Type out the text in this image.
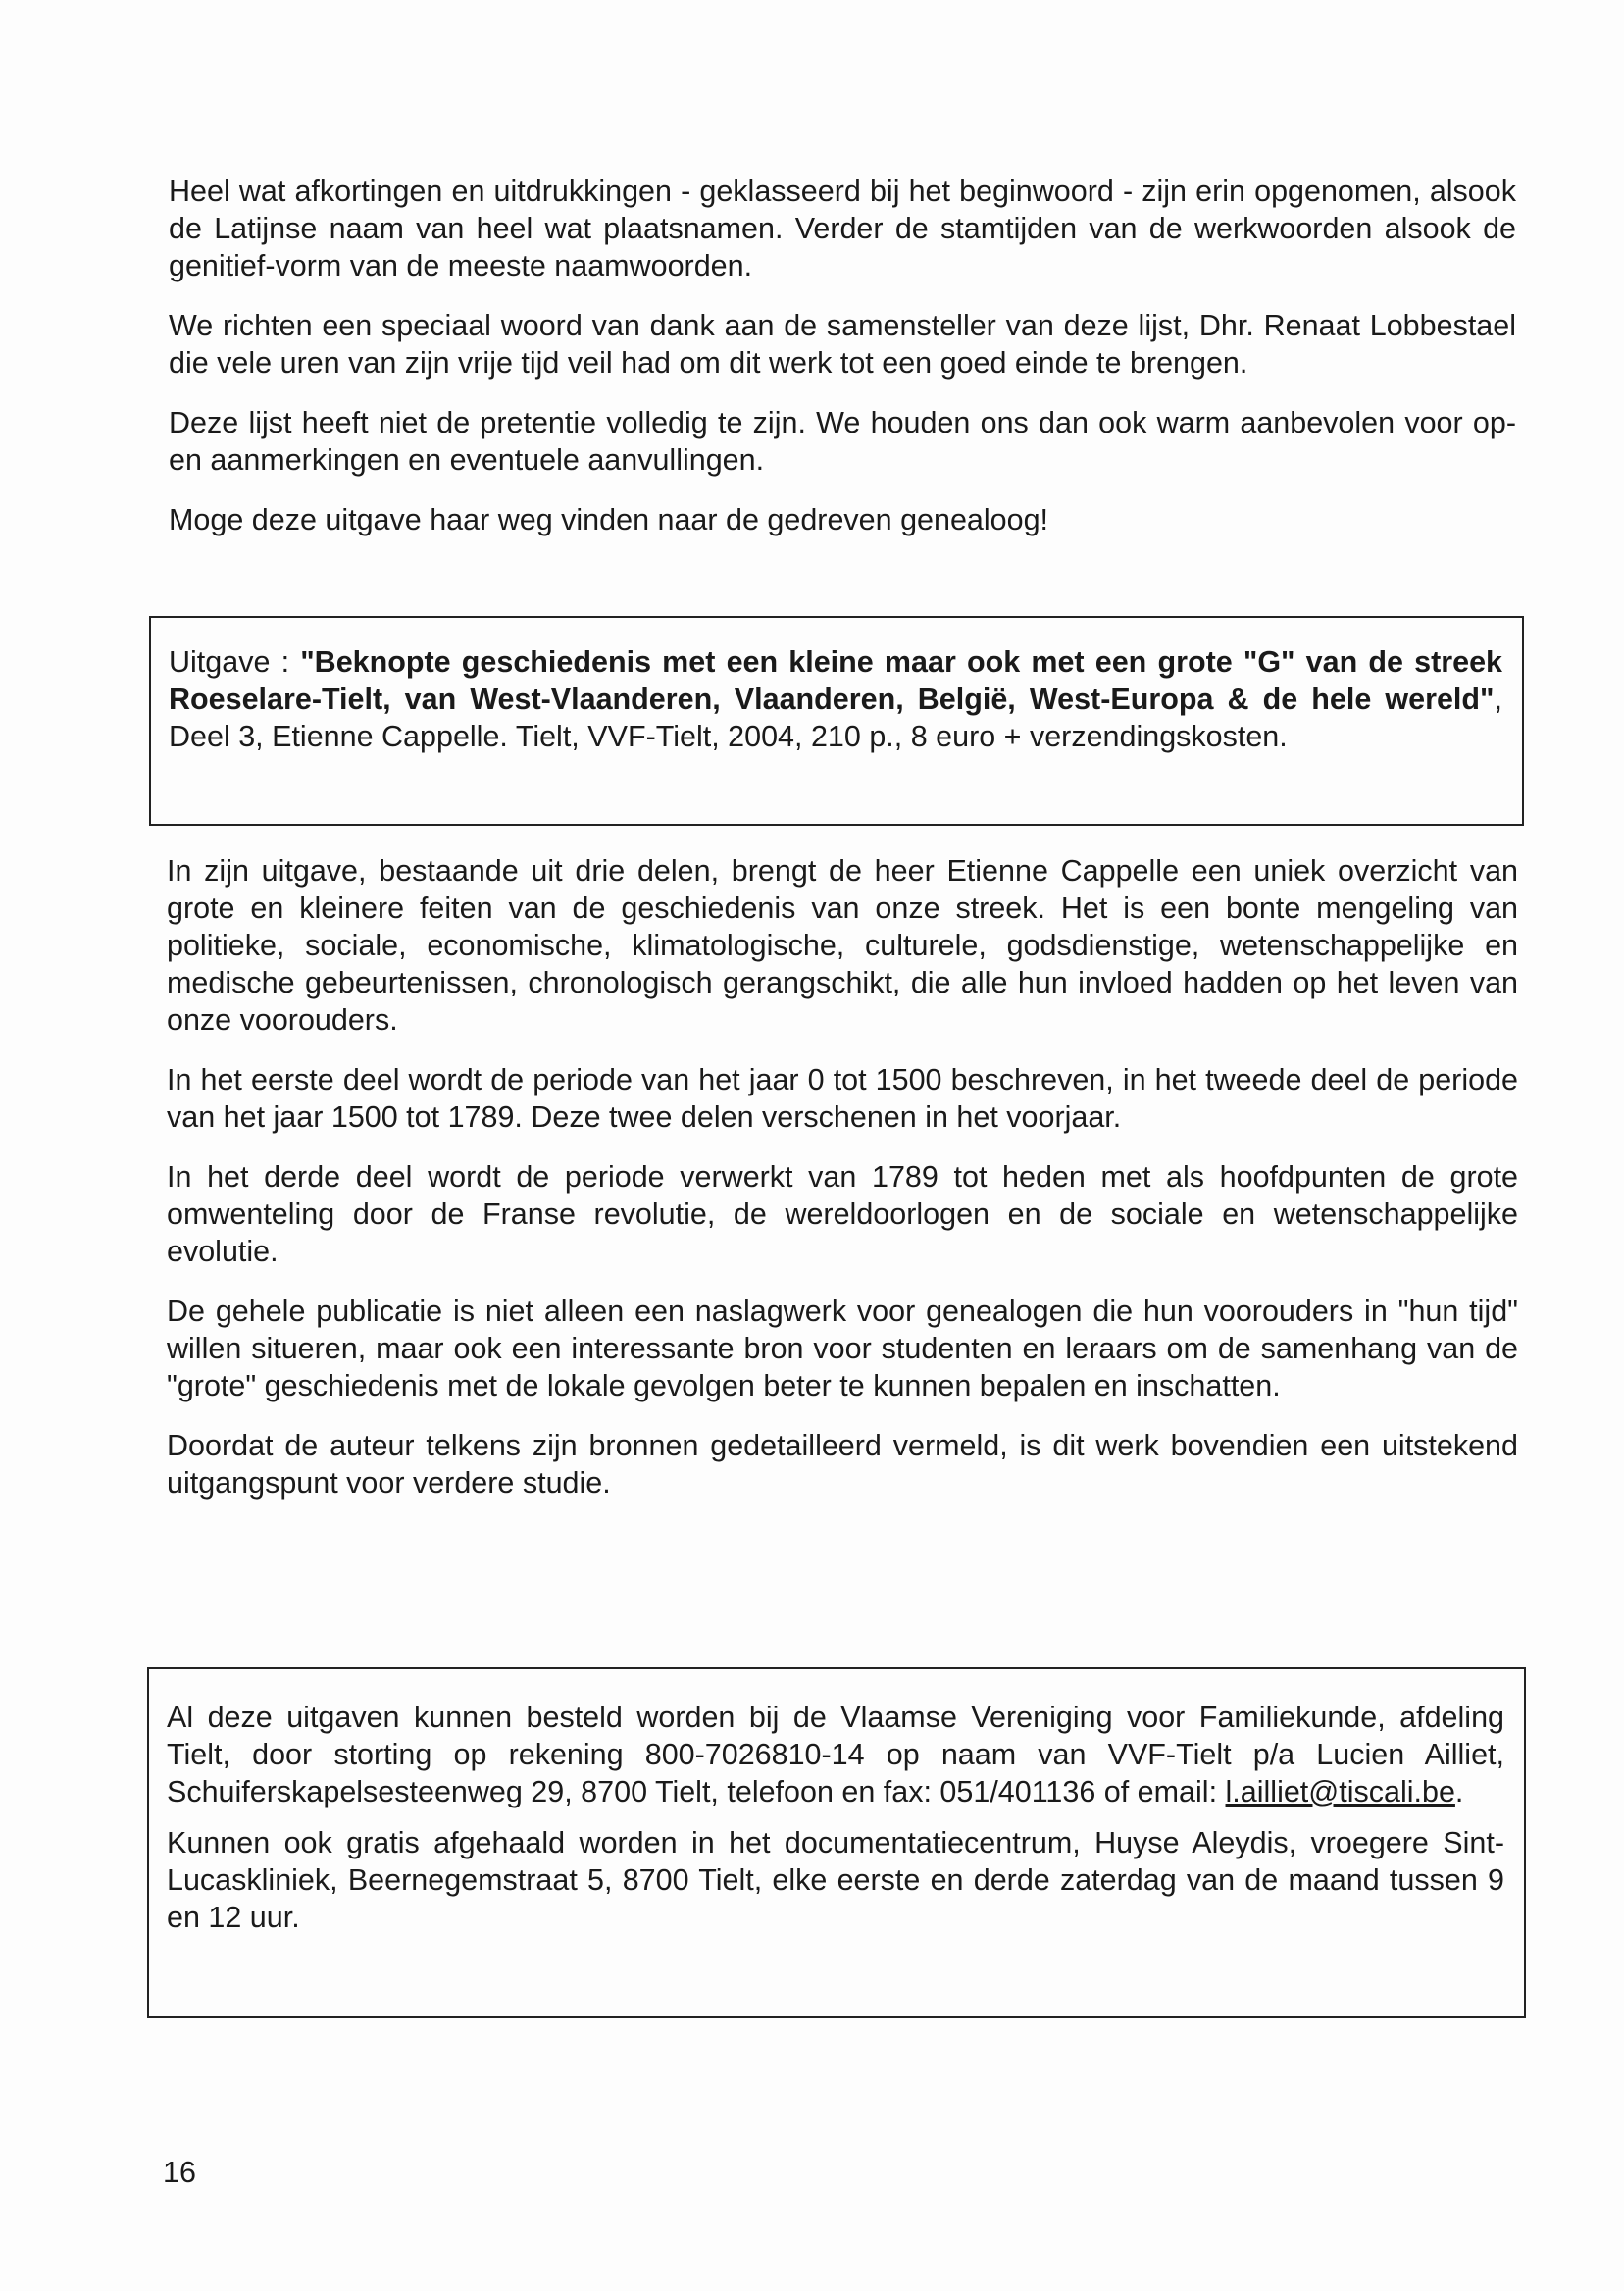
Heel wat afkortingen en uitdrukkingen - geklasseerd bij het beginwoord - zijn erin opgenomen, alsook de Latijnse naam van heel wat plaatsnamen. Verder de stamtijden van de werkwoorden alsook de genitief-vorm van de meeste naamwoorden.

We richten een speciaal woord van dank aan de samensteller van deze lijst, Dhr. Renaat Lobbestael die vele uren van zijn vrije tijd veil had om dit werk tot een goed einde te brengen.

Deze lijst heeft niet de pretentie volledig te zijn. We houden ons dan ook warm aanbevolen voor op- en aanmerkingen en eventuele aanvullingen.

Moge deze uitgave haar weg vinden naar de gedreven genealoog!

Uitgave : "Beknopte geschiedenis met een kleine maar ook met een grote "G" van de streek Roeselare-Tielt, van West-Vlaanderen, Vlaanderen, België, West-Europa & de hele wereld", Deel 3, Etienne Cappelle. Tielt, VVF-Tielt, 2004, 210 p., 8 euro + verzendingskosten.

In zijn uitgave, bestaande uit drie delen, brengt de heer Etienne Cappelle een uniek overzicht van grote en kleinere feiten van de geschiedenis van onze streek. Het is een bonte mengeling van politieke, sociale, economische, klimatologische, culturele, godsdienstige, wetenschappelijke en medische gebeurtenissen, chronologisch gerangschikt, die alle hun invloed hadden op het leven van onze voorouders.

In het eerste deel wordt de periode van het jaar 0 tot 1500 beschreven, in het tweede deel de periode van het jaar 1500 tot 1789. Deze twee delen verschenen in het voorjaar.

In het derde deel wordt de periode verwerkt van 1789 tot heden met als hoofdpunten de grote omwenteling door de Franse revolutie, de wereldoorlogen en de sociale en wetenschappelijke evolutie.

De gehele publicatie is niet alleen een naslagwerk voor genealogen die hun voorouders in "hun tijd" willen situeren, maar ook een interessante bron voor studenten en leraars om de samenhang van de "grote" geschiedenis met de lokale gevolgen beter te kunnen bepalen en inschatten.

Doordat de auteur telkens zijn bronnen gedetailleerd vermeld, is dit werk bovendien een uitstekend uitgangspunt voor verdere studie.

Al deze uitgaven kunnen besteld worden bij de Vlaamse Vereniging voor Familiekunde, afdeling Tielt, door storting op rekening 800-7026810-14 op naam van VVF-Tielt p/a Lucien Ailliet, Schuiferskapelsesteenweg 29, 8700 Tielt, telefoon en fax: 051/401136 of email: l.ailliet@tiscali.be.

Kunnen ook gratis afgehaald worden in het documentatiecentrum, Huyse Aleydis, vroegere Sint-Lucaskliniek, Beernegemstraat 5, 8700 Tielt, elke eerste en derde zaterdag van de maand tussen 9 en 12 uur.

16
